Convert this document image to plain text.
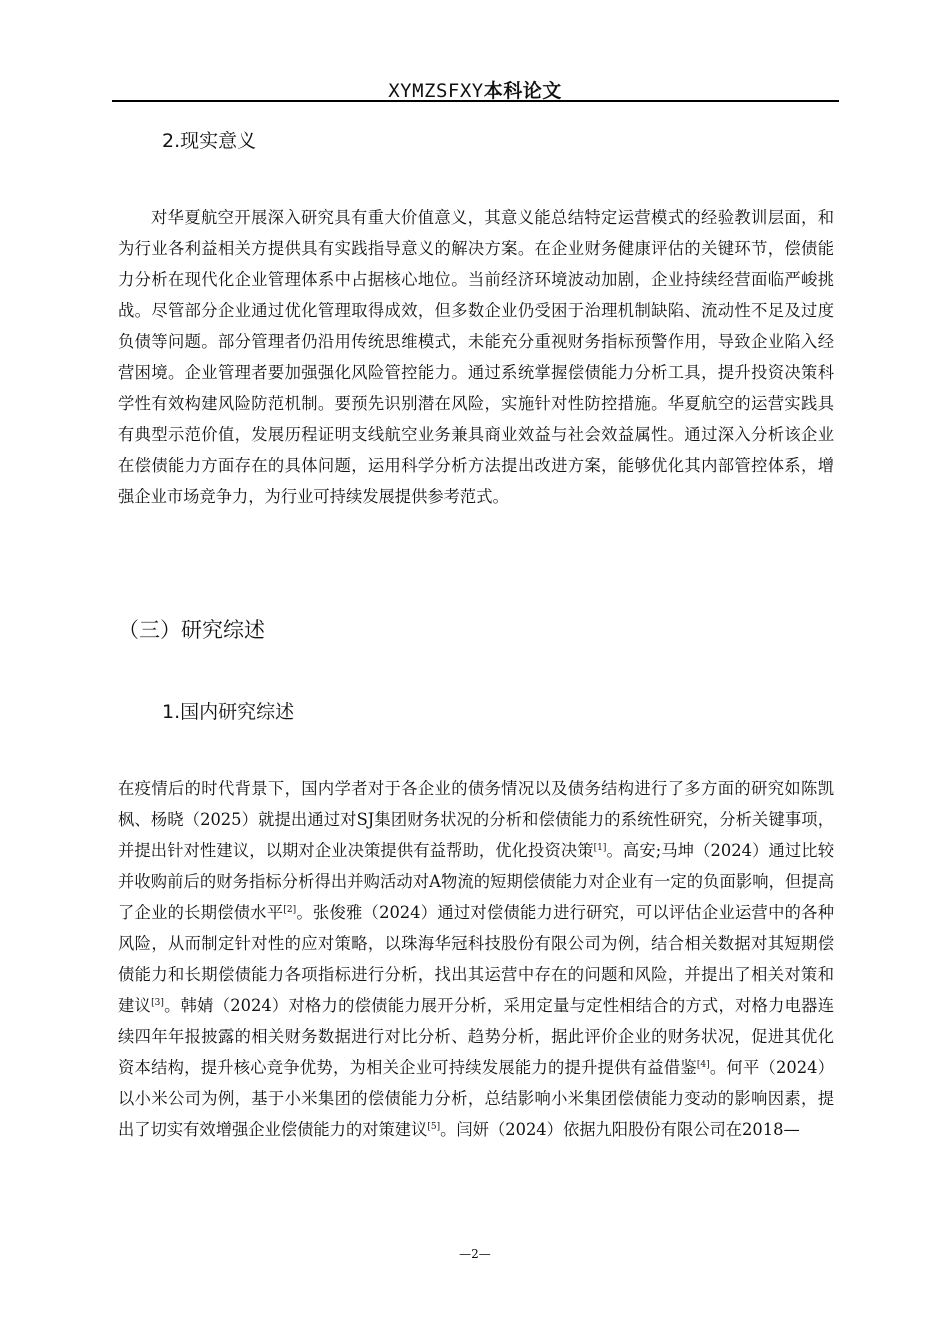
XYMZSFXY本科论文
2.现实意义

对华夏航空开展深入研究具有重大价值意义，其意义能总结特定运营模式的经验教训层面，和为行业各利益相关方提供具有实践指导意义的解决方案。在企业财务健康评估的关键环节，偿债能力分析在现代化企业管理体系中占据核心地位。当前经济环境波动加剧，企业持续经营面临严峻挑战。尽管部分企业通过优化管理取得成效，但多数企业仍受困于治理机制缺陷、流动性不足及过度负债等问题。部分管理者仍沿用传统思维模式，未能充分重视财务指标预警作用，导致企业陷入经营困境。企业管理者要加强强化风险管控能力。通过系统掌握偿债能力分析工具，提升投资决策科学性有效构建风险防范机制。要预先识别潜在风险，实施针对性防控措施。华夏航空的运营实践具有典型示范价值，发展历程证明支线航空业务兼具商业效益与社会效益属性。通过深入分析该企业在偿债能力方面存在的具体问题，运用科学分析方法提出改进方案，能够优化其内部管控体系，增强企业市场竞争力，为行业可持续发展提供参考范式。

（三）研究综述
1.国内研究综述

在疫情后的时代背景下，国内学者对于各企业的债务情况以及债务结构进行了多方面的研究如陈凯枫、杨晓（2025）就提出通过对SJ集团财务状况的分析和偿债能力的系统性研究，分析关键事项，并提出针对性建议，以期对企业决策提供有益帮助，优化投资决策[1]。高安;马坤（2024）通过比较并收购前后的财务指标分析得出并购活动对A物流的短期偿债能力对企业有一定的负面影响，但提高了企业的长期偿债水平[2]。张俊雅（2024）通过对偿债能力进行研究，可以评估企业运营中的各种风险，从而制定针对性的应对策略，以珠海华冠科技股份有限公司为例，结合相关数据对其短期偿债能力和长期偿债能力各项指标进行分析，找出其运营中存在的问题和风险，并提出了相关对策和建议[3]。韩婧（2024）对格力的偿债能力展开分析，采用定量与定性相结合的方式，对格力电器连续四年年报披露的相关财务数据进行对比分析、趋势分析，据此评价企业的财务状况，促进其优化资本结构，提升核心竞争优势，为相关企业可持续发展能力的提升提供有益借鉴[4]。何平（2024）以小米公司为例，基于小米集团的偿债能力分析，总结影响小米集团偿债能力变动的影响因素，提出了切实有效增强企业偿债能力的对策建议[5]。闫妍（2024）依据九阳股份有限公司在2018—

—2—
